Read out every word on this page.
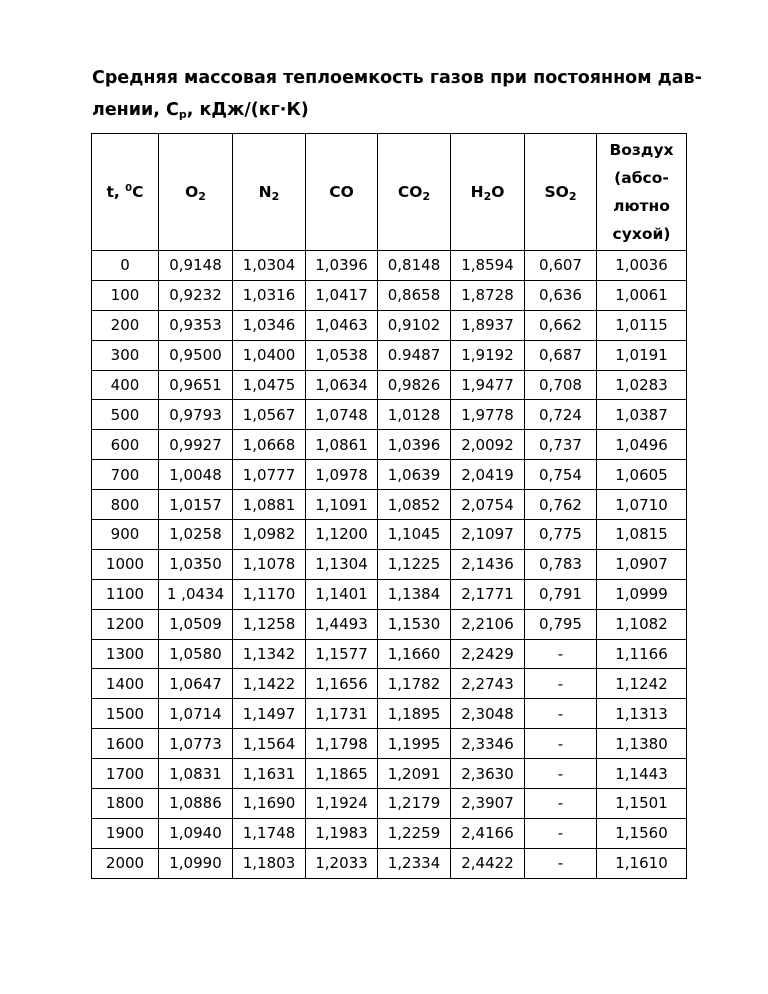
Средняя массовая теплоемкость газов при постоянном дав-
лении, $C_p$, кДж/(кг·К)

t, $^0$C	$O_2$	$N_2$	CO	$CO_2$	$H_2O$	$SO_2$	Воздух
(абсо-
лютно
сухой)
0	0,9148	1,0304	1,0396	0,8148	1,8594	0,607	1,0036
100	0,9232	1,0316	1,0417	0,8658	1,8728	0,636	1,0061
200	0,9353	1,0346	1,0463	0,9102	1,8937	0,662	1,0115
300	0,9500	1,0400	1,0538	0.9487	1,9192	0,687	1,0191
400	0,9651	1,0475	1,0634	0,9826	1,9477	0,708	1,0283
500	0,9793	1,0567	1,0748	1,0128	1,9778	0,724	1,0387
600	0,9927	1,0668	1,0861	1,0396	2,0092	0,737	1,0496
700	1,0048	1,0777	1,0978	1,0639	2,0419	0,754	1,0605
800	1,0157	1,0881	1,1091	1,0852	2,0754	0,762	1,0710
900	1,0258	1,0982	1,1200	1,1045	2,1097	0,775	1,0815
1000	1,0350	1,1078	1,1304	1,1225	2,1436	0,783	1,0907
1100	1 ,0434	1,1170	1,1401	1,1384	2,1771	0,791	1,0999
1200	1,0509	1,1258	1,4493	1,1530	2,2106	0,795	1,1082
1300	1,0580	1,1342	1,1577	1,1660	2,2429	-	1,1166
1400	1,0647	1,1422	1,1656	1,1782	2,2743	-	1,1242
1500	1,0714	1,1497	1,1731	1,1895	2,3048	-	1,1313
1600	1,0773	1,1564	1,1798	1,1995	2,3346	-	1,1380
1700	1,0831	1,1631	1,1865	1,2091	2,3630	-	1,1443
1800	1,0886	1,1690	1,1924	1,2179	2,3907	-	1,1501
1900	1,0940	1,1748	1,1983	1,2259	2,4166	-	1,1560
2000	1,0990	1,1803	1,2033	1,2334	2,4422	-	1,1610
